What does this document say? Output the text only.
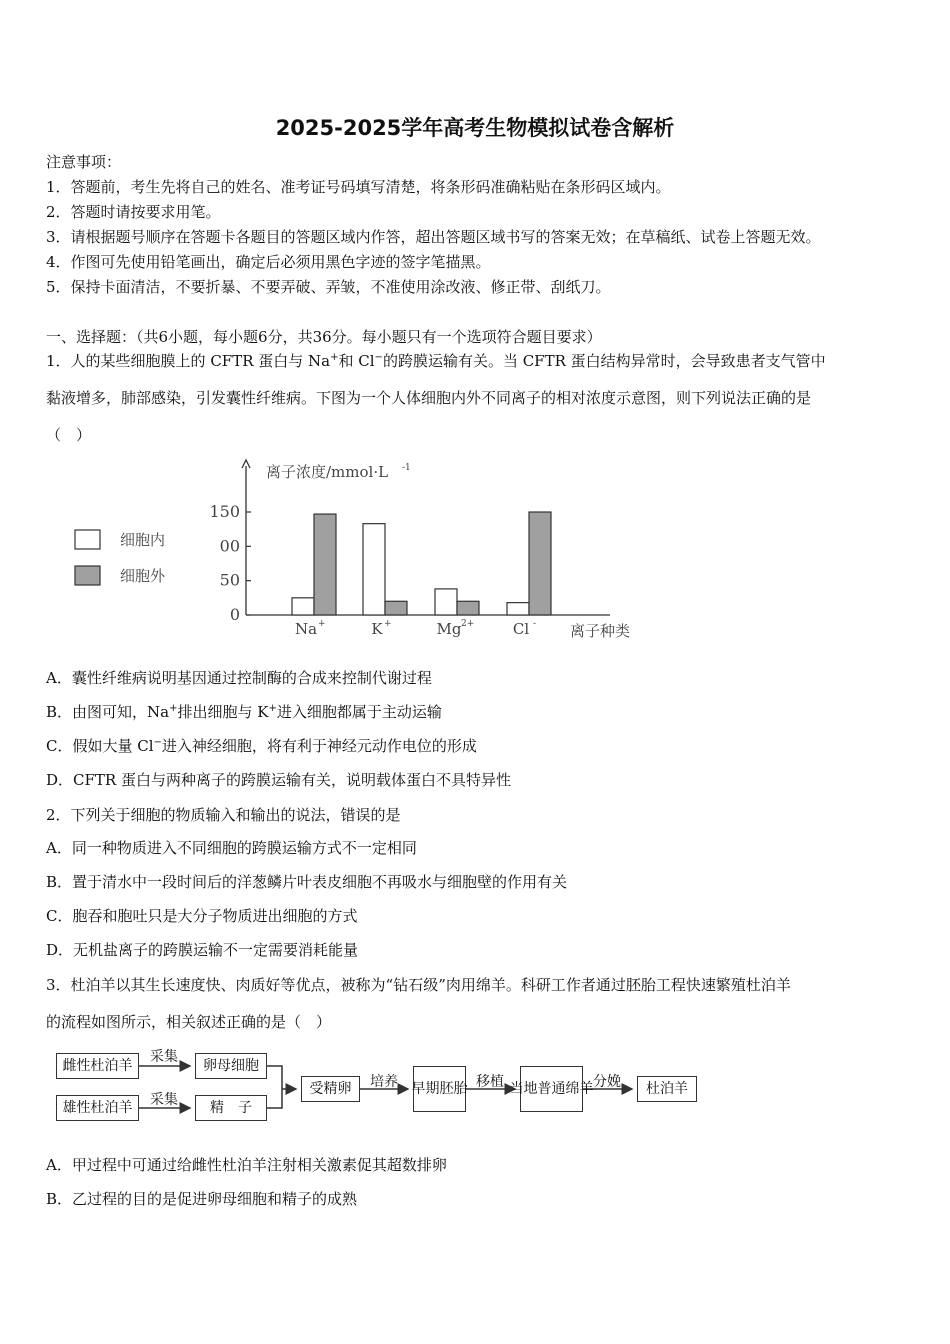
2025-2025学年高考生物模拟试卷含解析
注意事项：
1．答题前，考生先将自己的姓名、准考证号码填写清楚，将条形码准确粘贴在条形码区域内。
2．答题时请按要求用笔。
3．请根据题号顺序在答题卡各题目的答题区域内作答，超出答题区域书写的答案无效；在草稿纸、试卷上答题无效。
4．作图可先使用铅笔画出，确定后必须用黑色字迹的签字笔描黑。
5．保持卡面清洁，不要折暴、不要弄破、弄皱，不准使用涂改液、修正带、刮纸刀。
一、选择题：（共6小题，每小题6分，共36分。每小题只有一个选项符合题目要求）
1．人的某些细胞膜上的 CFTR 蛋白与 Na+和 Cl−的跨膜运输有关。当 CFTR 蛋白结构异常时，会导致患者支气管中
黏液增多，肺部感染，引发囊性纤维病。下图为一个人体细胞内外不同离子的相对浓度示意图，则下列说法正确的是
（　）
离子浓度/mmol·L -1
150
00
50
0
Na +	K +	Mg 2+	Cl - 离子种类
细胞内
细胞外
A．囊性纤维病说明基因通过控制酶的合成来控制代谢过程
B．由图可知，Na+排出细胞与 K+进入细胞都属于主动运输
C．假如大量 Cl−进入神经细胞，将有利于神经元动作电位的形成
D．CFTR 蛋白与两种离子的跨膜运输有关，说明载体蛋白不具特异性
2．下列关于细胞的物质输入和输出的说法，错误的是
A．同一种物质进入不同细胞的跨膜运输方式不一定相同
B．置于清水中一段时间后的洋葱鳞片叶表皮细胞不再吸水与细胞壁的作用有关
C．胞吞和胞吐只是大分子物质进出细胞的方式
D．无机盐离子的跨膜运输不一定需要消耗能量
3．杜泊羊以其生长速度快、肉质好等优点，被称为“钻石级”肉用绵羊。科研工作者通过胚胎工程快速繁殖杜泊羊
的流程如图所示，相关叙述正确的是（　）
雌性杜泊羊
雄性杜泊羊
采集
采集
卵母细胞
精　子
受精卵	培养 早期胚胎 移植 当地普通绵羊 分娩	杜泊羊
A．甲过程中可通过给雌性杜泊羊注射相关激素促其超数排卵
B．乙过程的目的是促进卵母细胞和精子的成熟
